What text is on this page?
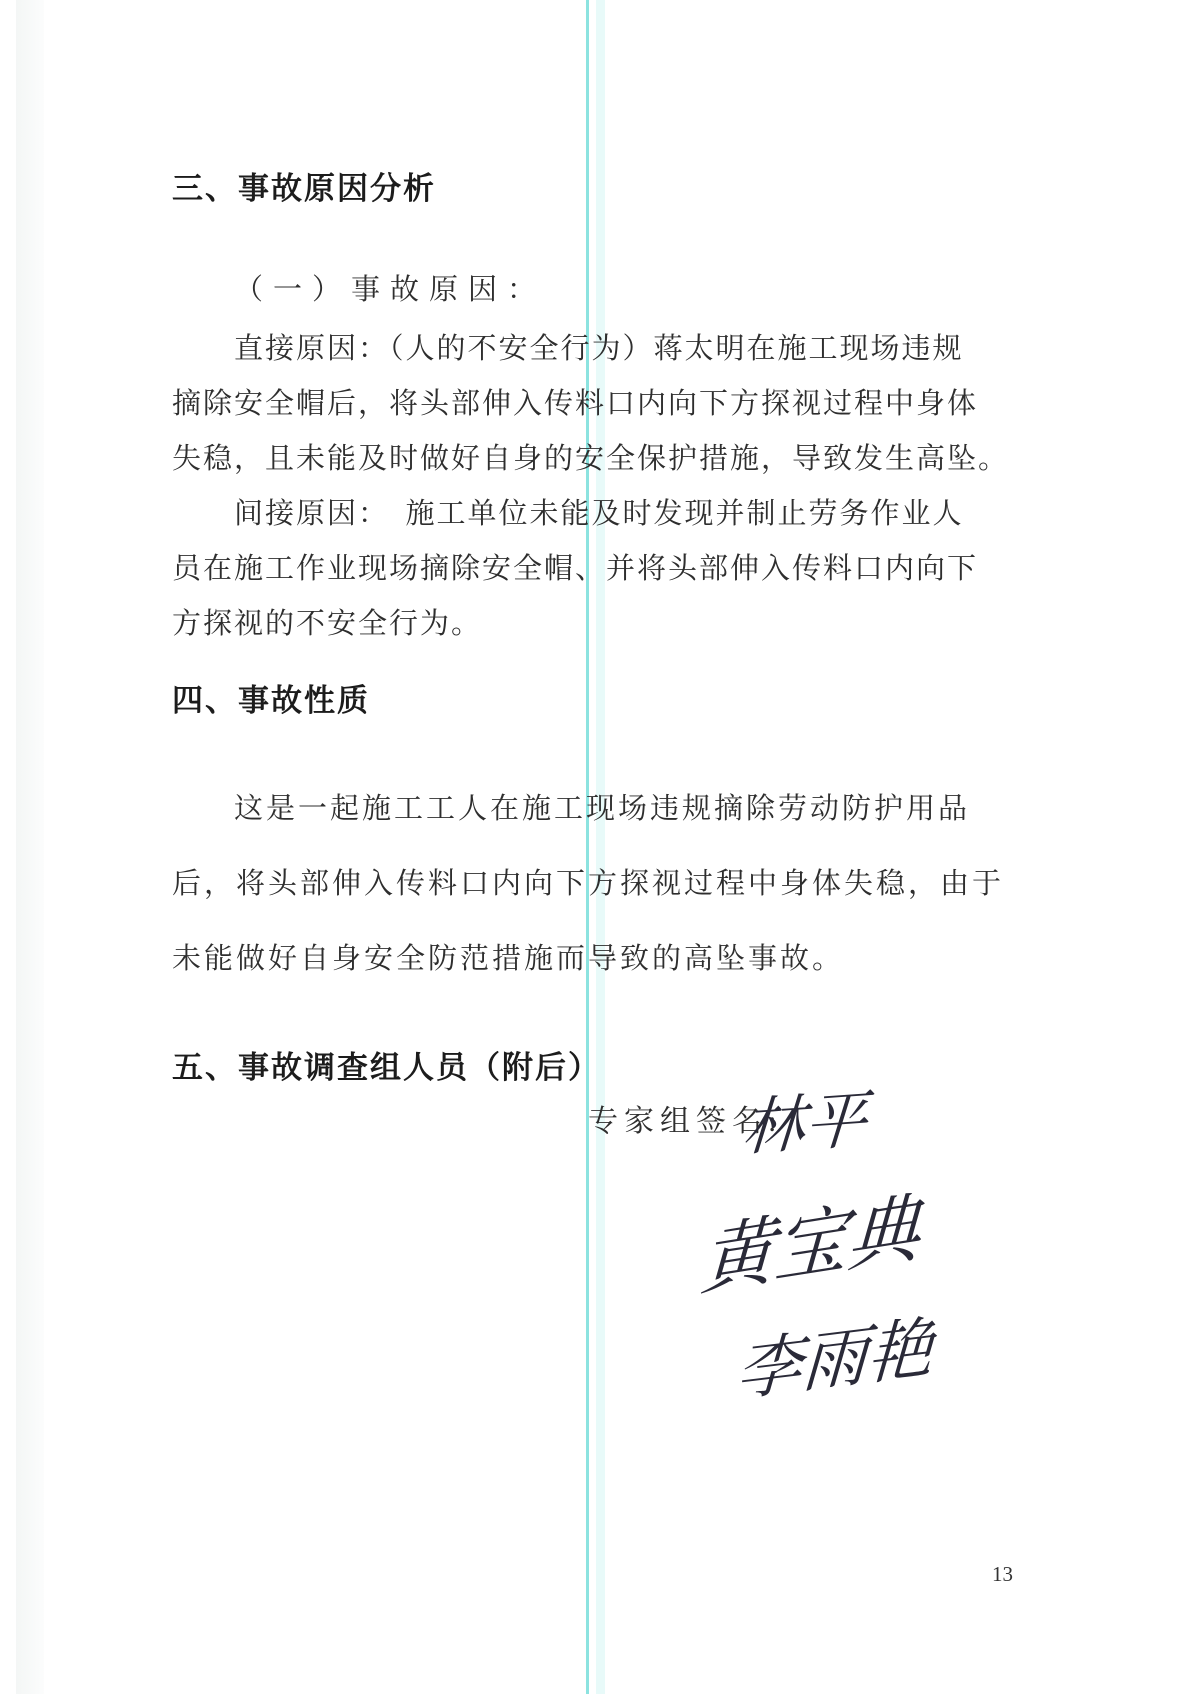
三、事故原因分析
（一）事故原因：
直接原因：（人的不安全行为）蒋太明在施工现场违规
摘除安全帽后，将头部伸入传料口内向下方探视过程中身体
失稳，且未能及时做好自身的安全保护措施，导致发生高坠。
间接原因：　施工单位未能及时发现并制止劳务作业人
员在施工作业现场摘除安全帽、并将头部伸入传料口内向下
方探视的不安全行为。
四、事故性质
这是一起施工工人在施工现场违规摘除劳动防护用品
后，将头部伸入传料口内向下方探视过程中身体失稳，由于
未能做好自身安全防范措施而导致的高坠事故。
五、事故调查组人员（附后）
专家组签名:
林平
黄宝典
李雨艳
13
